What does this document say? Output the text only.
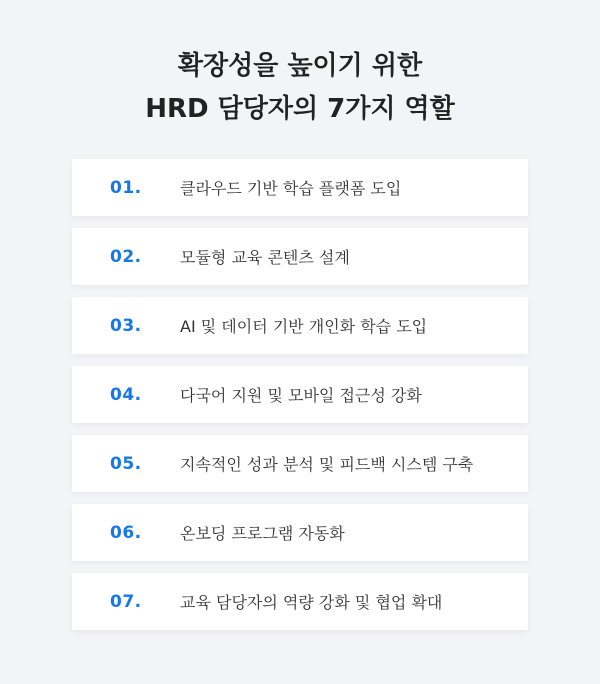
확장성을 높이기 위한
HRD 담당자의 7가지 역할
01.	클라우드 기반 학습 플랫폼 도입
02.	모듈형 교육 콘텐츠 설계
03.	AI 및 데이터 기반 개인화 학습 도입
04.	다국어 지원 및 모바일 접근성 강화
05.	지속적인 성과 분석 및 피드백 시스템 구축
06.	온보딩 프로그램 자동화
07.	교육 담당자의 역량 강화 및 협업 확대
